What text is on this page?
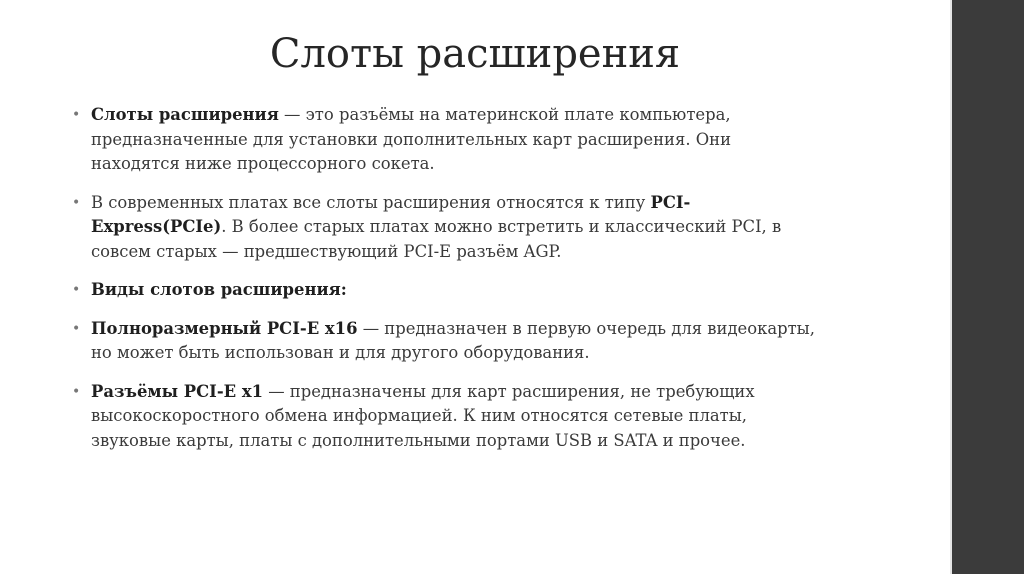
Слоты расширения

• Слоты расширения — это разъёмы на материнской плате компьютера, предназначенные для установки дополнительных карт расширения. Они находятся ниже процессорного сокета.

• В современных платах все слоты расширения относятся к типу PCI-Express(PCIe). В более старых платах можно встретить и классический PCI, в совсем старых — предшествующий PCI-E разъём AGP.

• Виды слотов расширения:

• Полноразмерный PCI-E x16 — предназначен в первую очередь для видеокарты, но может быть использован и для другого оборудования.

• Разъёмы PCI-E x1 — предназначены для карт расширения, не требующих высокоскоростного обмена информацией. К ним относятся сетевые платы, звуковые карты, платы с дополнительными портами USB и SATA и прочее.
